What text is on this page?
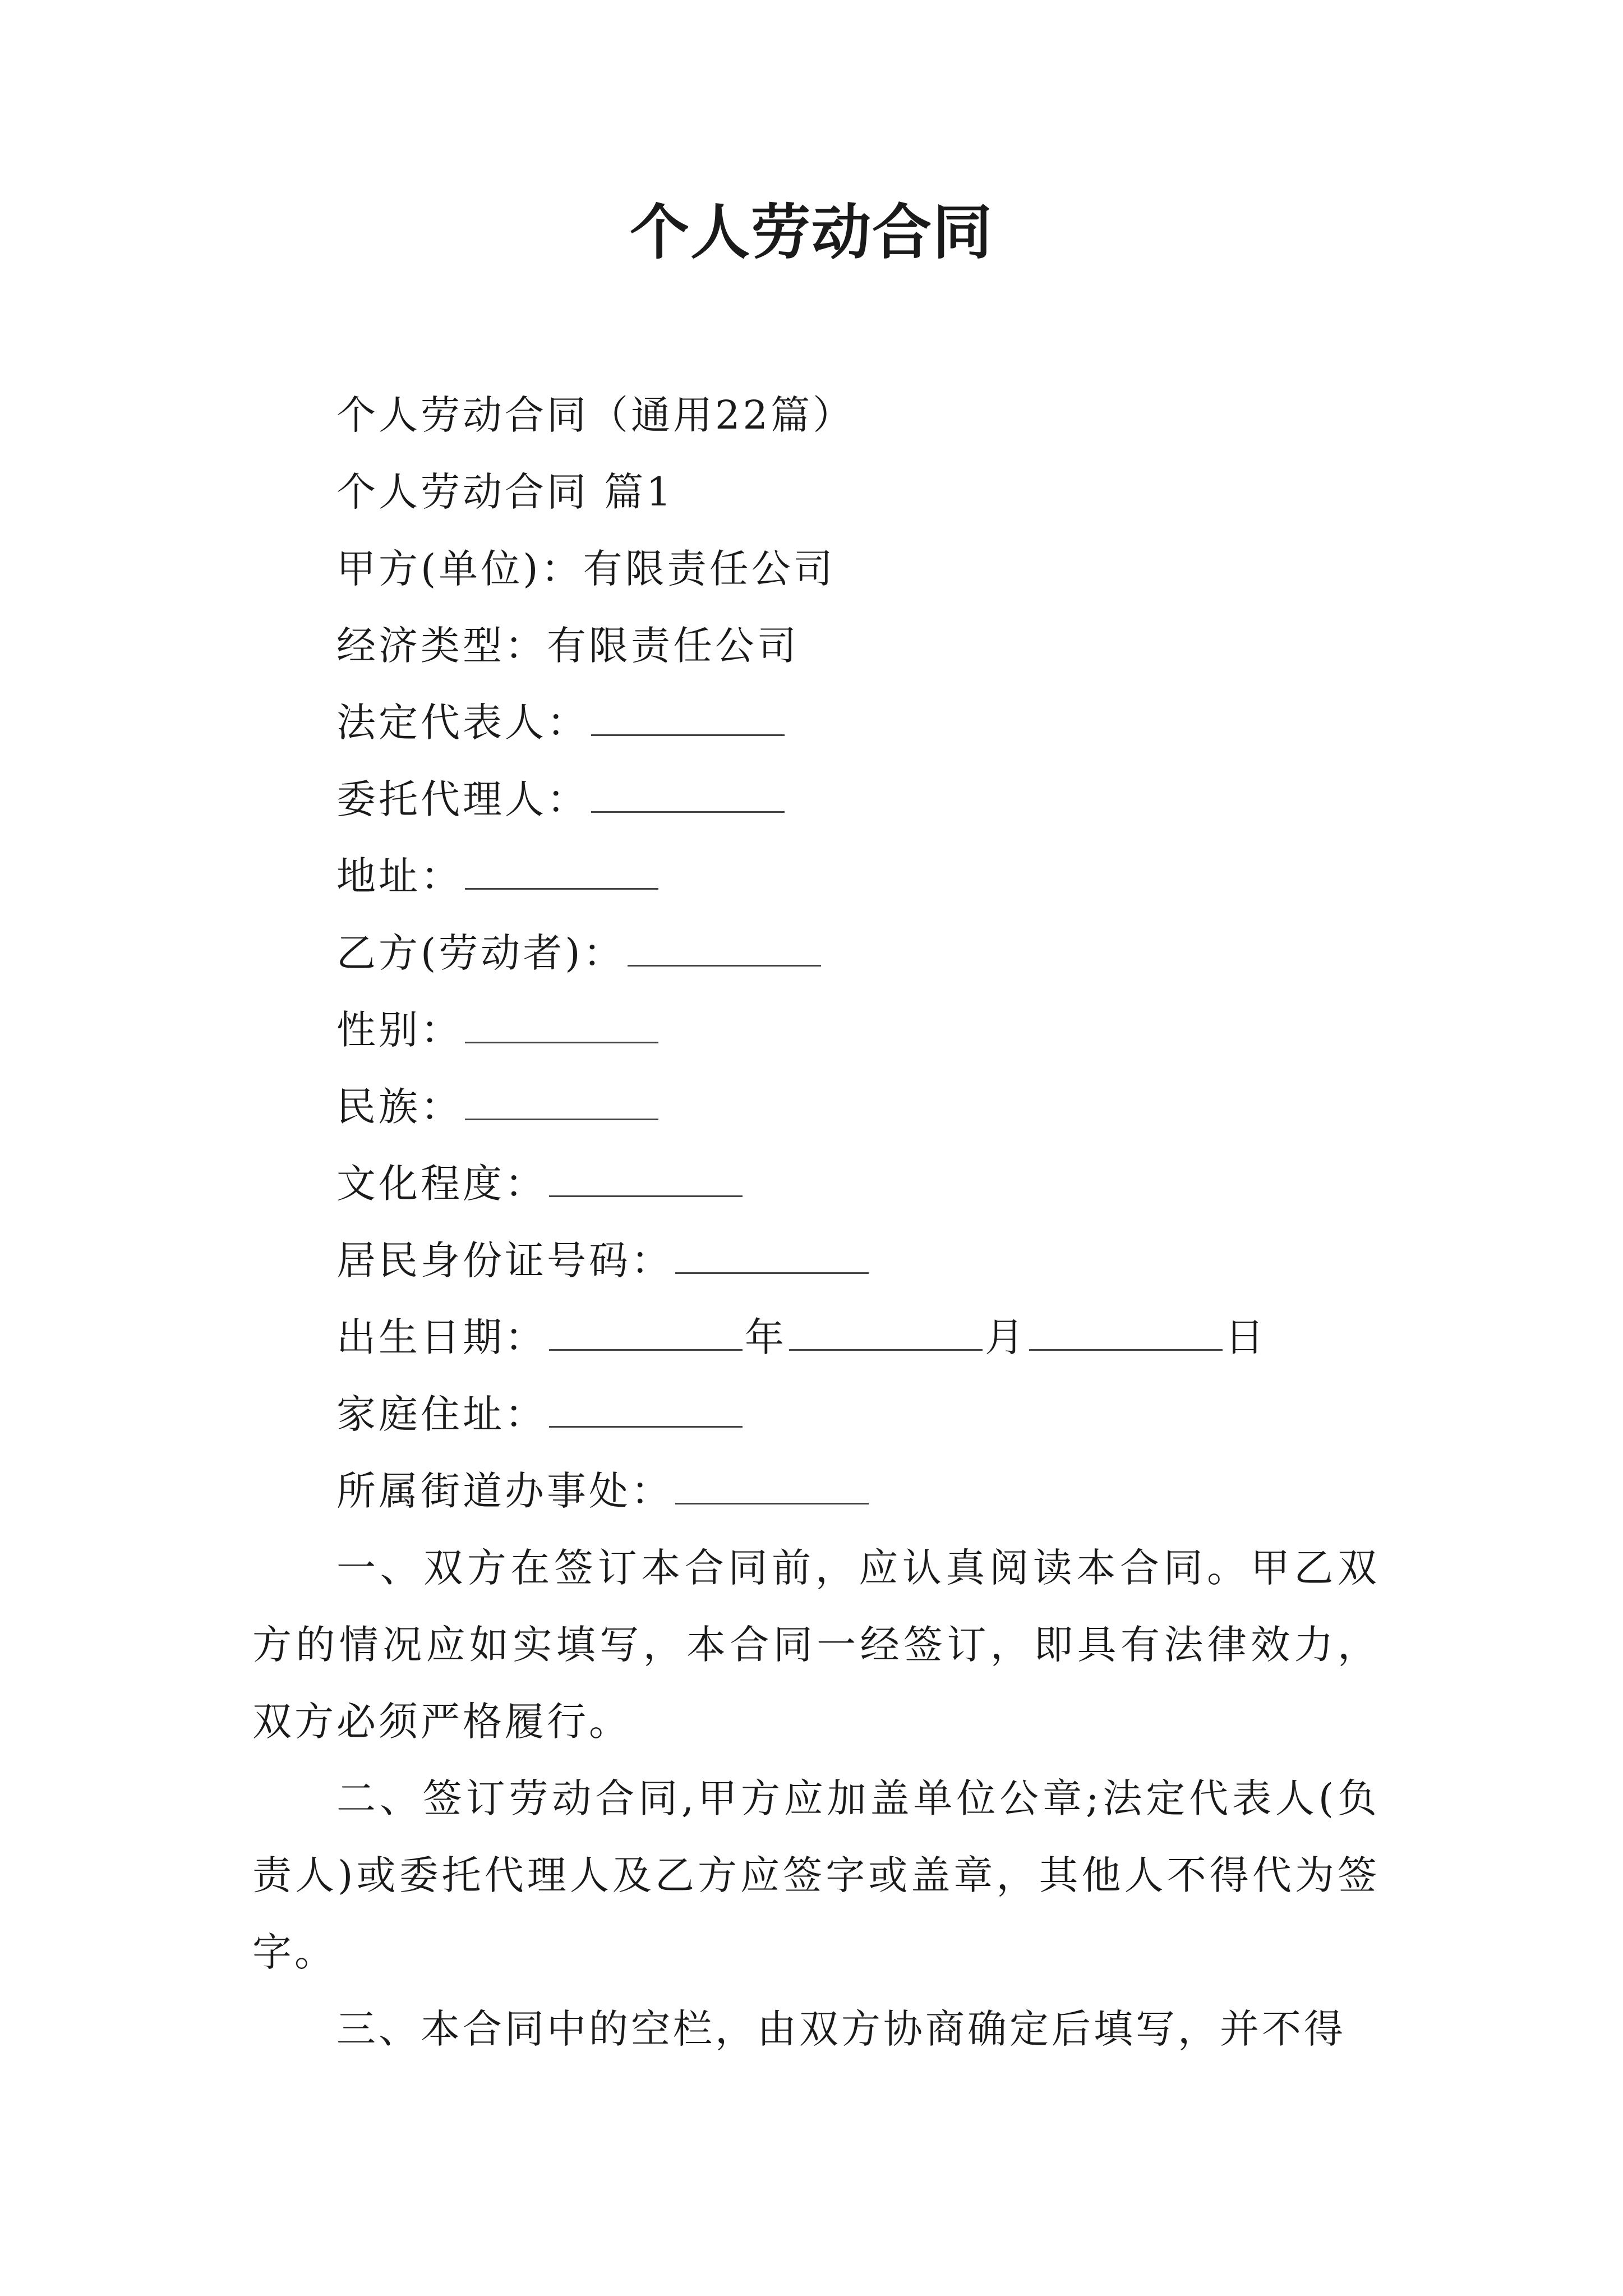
个人劳动合同
个人劳动合同（通用22篇）
个人劳动合同 篇1
甲方(单位)：有限责任公司
经济类型：有限责任公司
法定代表人：
委托代理人：
地址：
乙方(劳动者)：
性别：
民族：
文化程度：
居民身份证号码：
出生日期：	年	月	日
家庭住址：
所属街道办事处：

一、双方在签订本合同前，应认真阅读本合同。甲乙双方的情况应如实填写，本合同一经签订，即具有法律效力，双方必须严格履行。

二、签订劳动合同,甲方应加盖单位公章;法定代表人(负责人)或委托代理人及乙方应签字或盖章，其他人不得代为签字。

三、本合同中的空栏，由双方协商确定后填写，并不得
